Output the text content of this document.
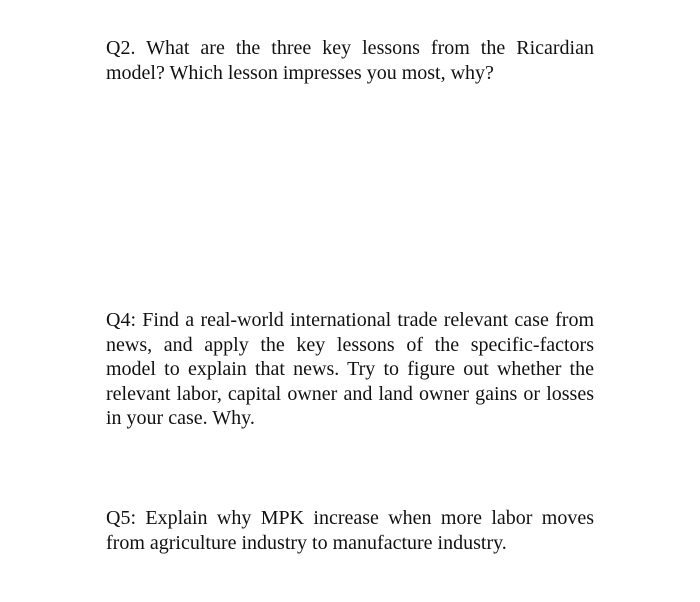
Q2. What are the three key lessons from the Ricardian model? Which lesson impresses you most, why?

Q4: Find a real-world international trade relevant case from news, and apply the key lessons of the specific-factors model to explain that news. Try to figure out whether the relevant labor, capital owner and land owner gains or losses in your case. Why.

Q5: Explain why MPK increase when more labor moves from agriculture industry to manufacture industry.
